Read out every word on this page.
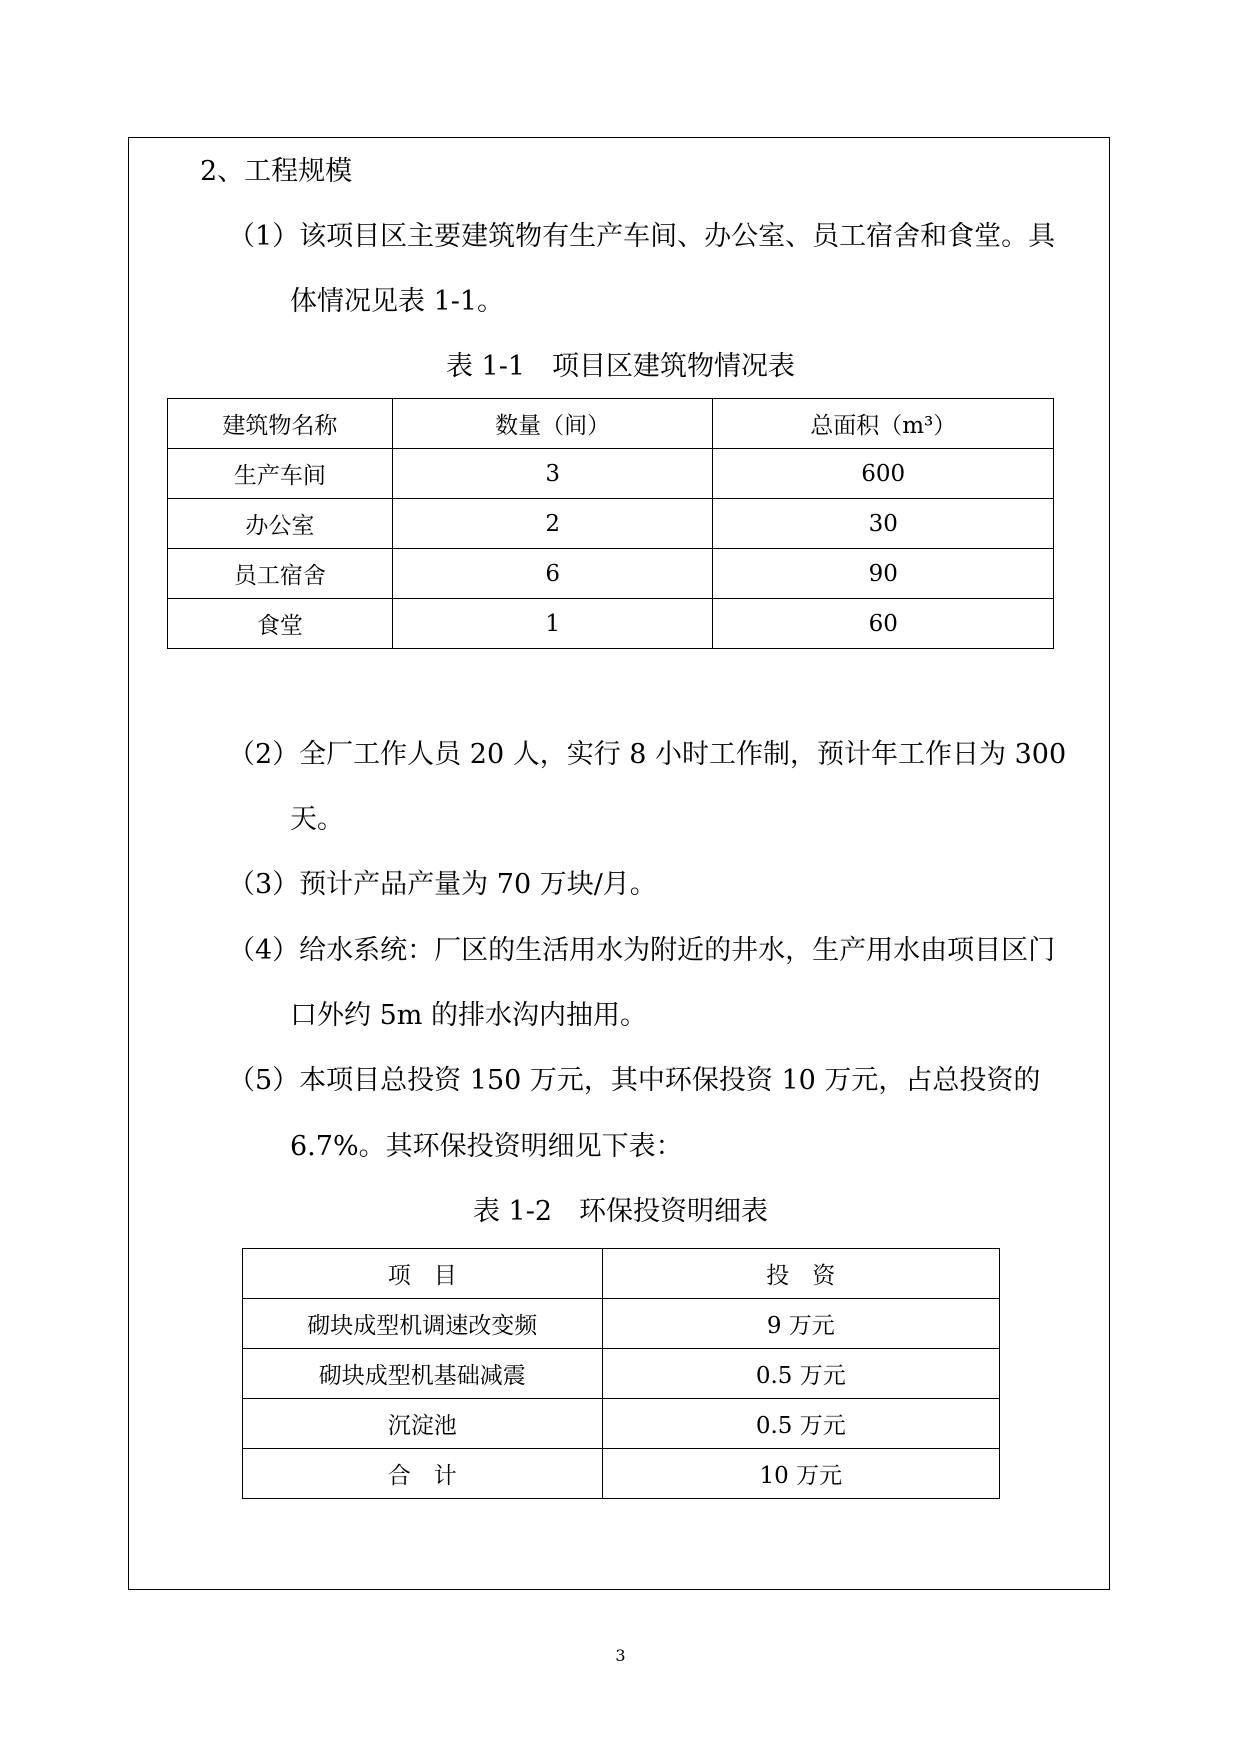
2、工程规模
（1）该项目区主要建筑物有生产车间、办公室、员工宿舍和食堂。具
体情况见表 1-1。
表 1-1　项目区建筑物情况表
建筑物名称	数量（间）	总面积（m³）
生产车间	3	600
办公室	2	30
员工宿舍	6	90
食堂	1	60
（2）全厂工作人员 20 人，实行 8 小时工作制，预计年工作日为 300
天。
（3）预计产品产量为 70 万块/月。
（4）给水系统：厂区的生活用水为附近的井水，生产用水由项目区门
口外约 5m 的排水沟内抽用。
（5）本项目总投资 150 万元，其中环保投资 10 万元，占总投资的
6.7%。其环保投资明细见下表：
表 1-2　环保投资明细表
项　目	投　资
砌块成型机调速改变频	9 万元
砌块成型机基础减震	0.5 万元
沉淀池	0.5 万元
合　计	10 万元
3
